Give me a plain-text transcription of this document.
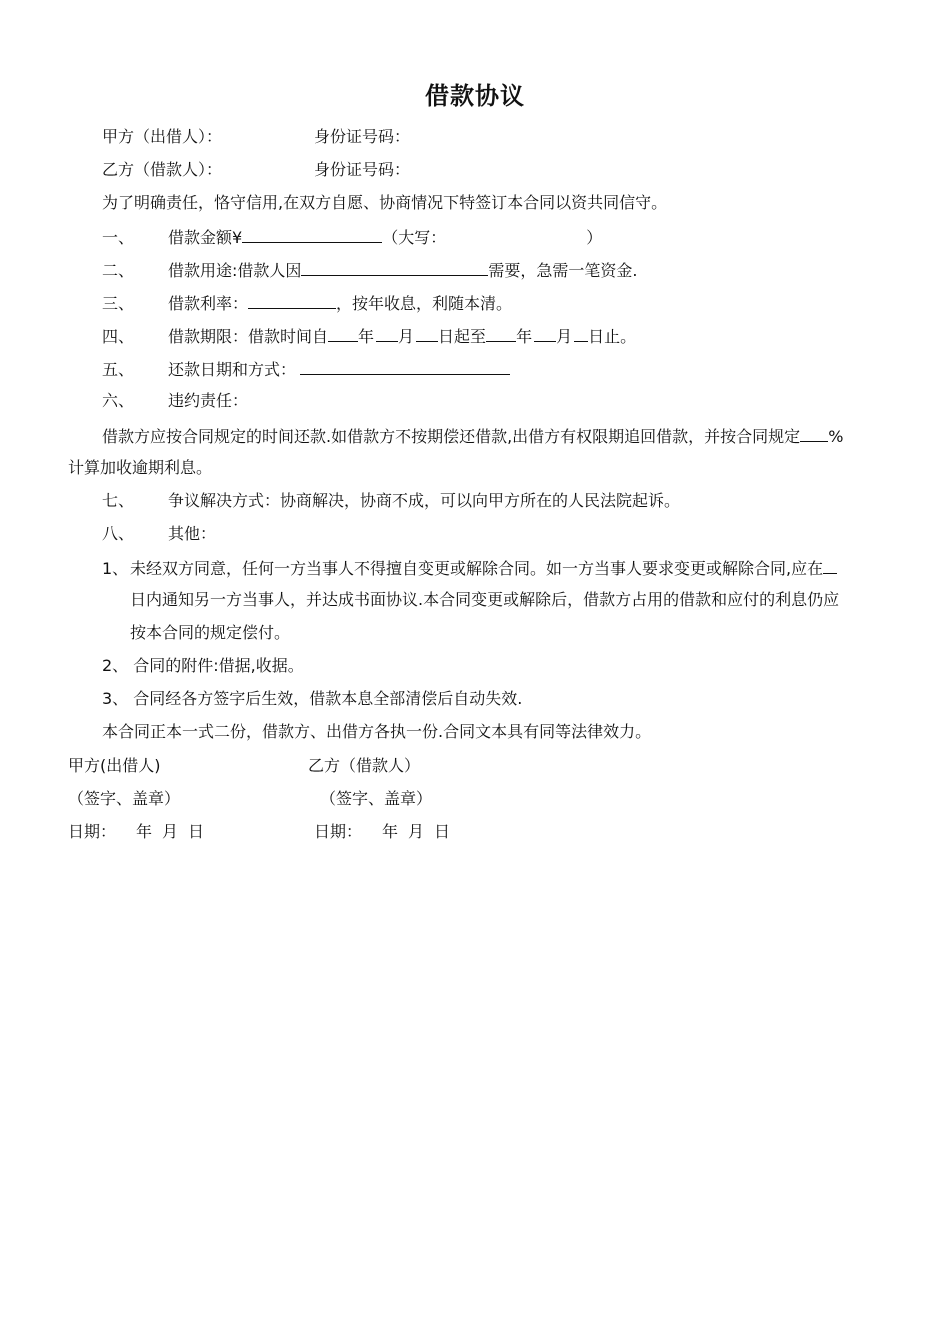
借款协议
甲方（出借人）：	身份证号码：
乙方（借款人）：	身份证号码：
为了明确责任，恪守信用,在双方自愿、协商情况下特签订本合同以资共同信守。
一、 借款金额¥	（大写：	）
二、 借款用途:借款人因	需要，急需一笔资金.
三、 借款利率：	，按年收息，利随本清。
四、 借款期限：借款时间自 年 月 日起至 年 月 日止。
五、 还款日期和方式：
六、 违约责任：
借款方应按合同规定的时间还款.如借款方不按期偿还借款,出借方有权限期追回借款，并按合同规定 %
计算加收逾期利息。
七、 争议解决方式：协商解决，协商不成，可以向甲方所在的人民法院起诉。
八、 其他：
1、 未经双方同意，任何一方当事人不得擅自变更或解除合同。如一方当事人要求变更或解除合同,应在
日内通知另一方当事人，并达成书面协议.本合同变更或解除后，借款方占用的借款和应付的利息仍应
按本合同的规定偿付。
2、 合同的附件:借据,收据。
3、 合同经各方签字后生效，借款本息全部清偿后自动失效.
本合同正本一式二份，借款方、出借方各执一份.合同文本具有同等法律效力。
甲方(出借人)	乙方（借款人）
（签字、盖章）	（签字、盖章）
日期： 年 月 日	日期： 年 月 日
